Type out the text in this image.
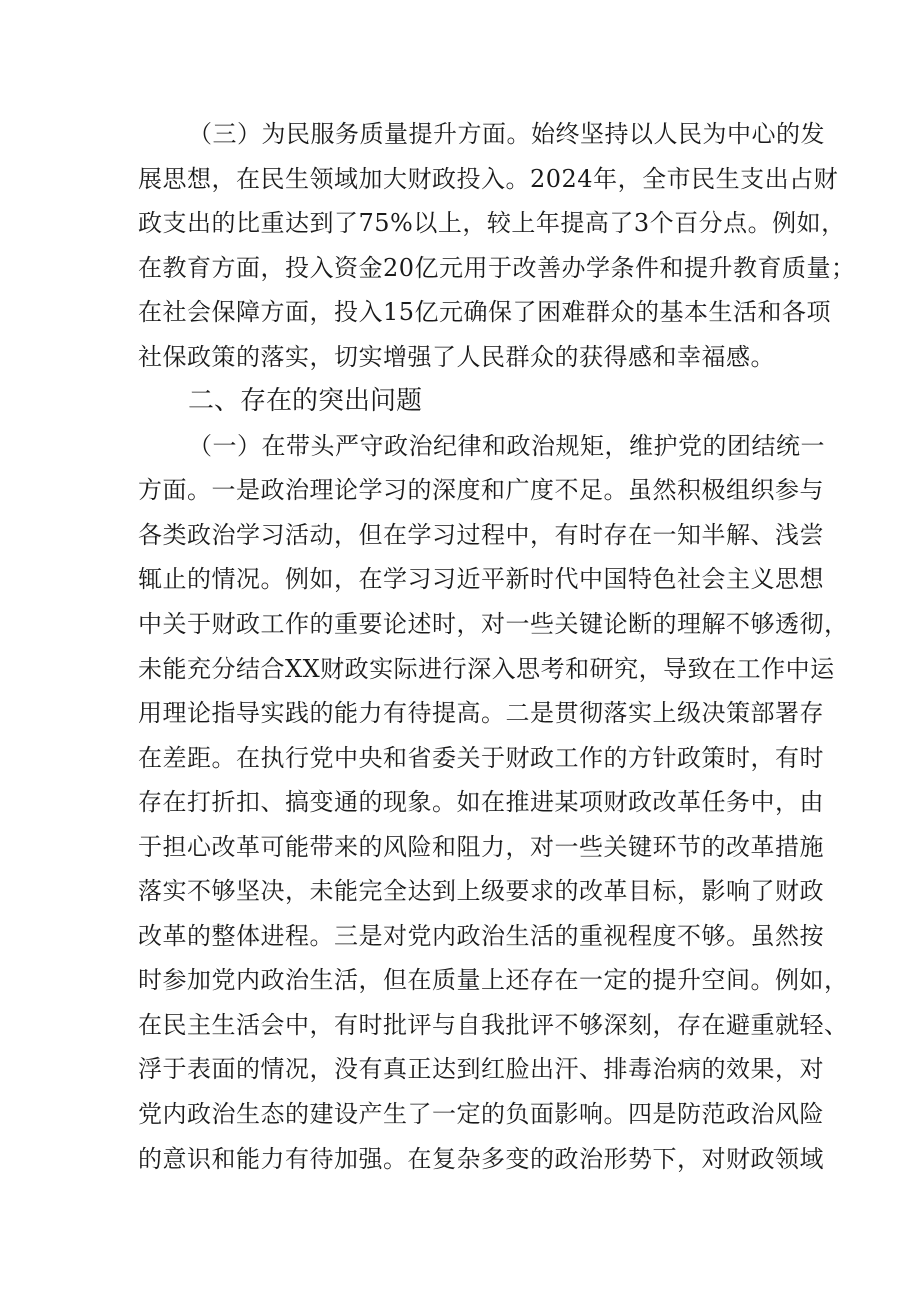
（三）为民服务质量提升方面。始终坚持以人民为中心的发
展思想，在民生领域加大财政投入。2024年，全市民生支出占财
政支出的比重达到了75%以上，较上年提高了3个百分点。例如，
在教育方面，投入资金20亿元用于改善办学条件和提升教育质量；
在社会保障方面，投入15亿元确保了困难群众的基本生活和各项
社保政策的落实，切实增强了人民群众的获得感和幸福感。
二、存在的突出问题
（一）在带头严守政治纪律和政治规矩，维护党的团结统一
方面。一是政治理论学习的深度和广度不足。虽然积极组织参与
各类政治学习活动，但在学习过程中，有时存在一知半解、浅尝
辄止的情况。例如，在学习习近平新时代中国特色社会主义思想
中关于财政工作的重要论述时，对一些关键论断的理解不够透彻，
未能充分结合XX财政实际进行深入思考和研究，导致在工作中运
用理论指导实践的能力有待提高。二是贯彻落实上级决策部署存
在差距。在执行党中央和省委关于财政工作的方针政策时，有时
存在打折扣、搞变通的现象。如在推进某项财政改革任务中，由
于担心改革可能带来的风险和阻力，对一些关键环节的改革措施
落实不够坚决，未能完全达到上级要求的改革目标，影响了财政
改革的整体进程。三是对党内政治生活的重视程度不够。虽然按
时参加党内政治生活，但在质量上还存在一定的提升空间。例如，
在民主生活会中，有时批评与自我批评不够深刻，存在避重就轻、
浮于表面的情况，没有真正达到红脸出汗、排毒治病的效果，对
党内政治生态的建设产生了一定的负面影响。四是防范政治风险
的意识和能力有待加强。在复杂多变的政治形势下，对财政领域
